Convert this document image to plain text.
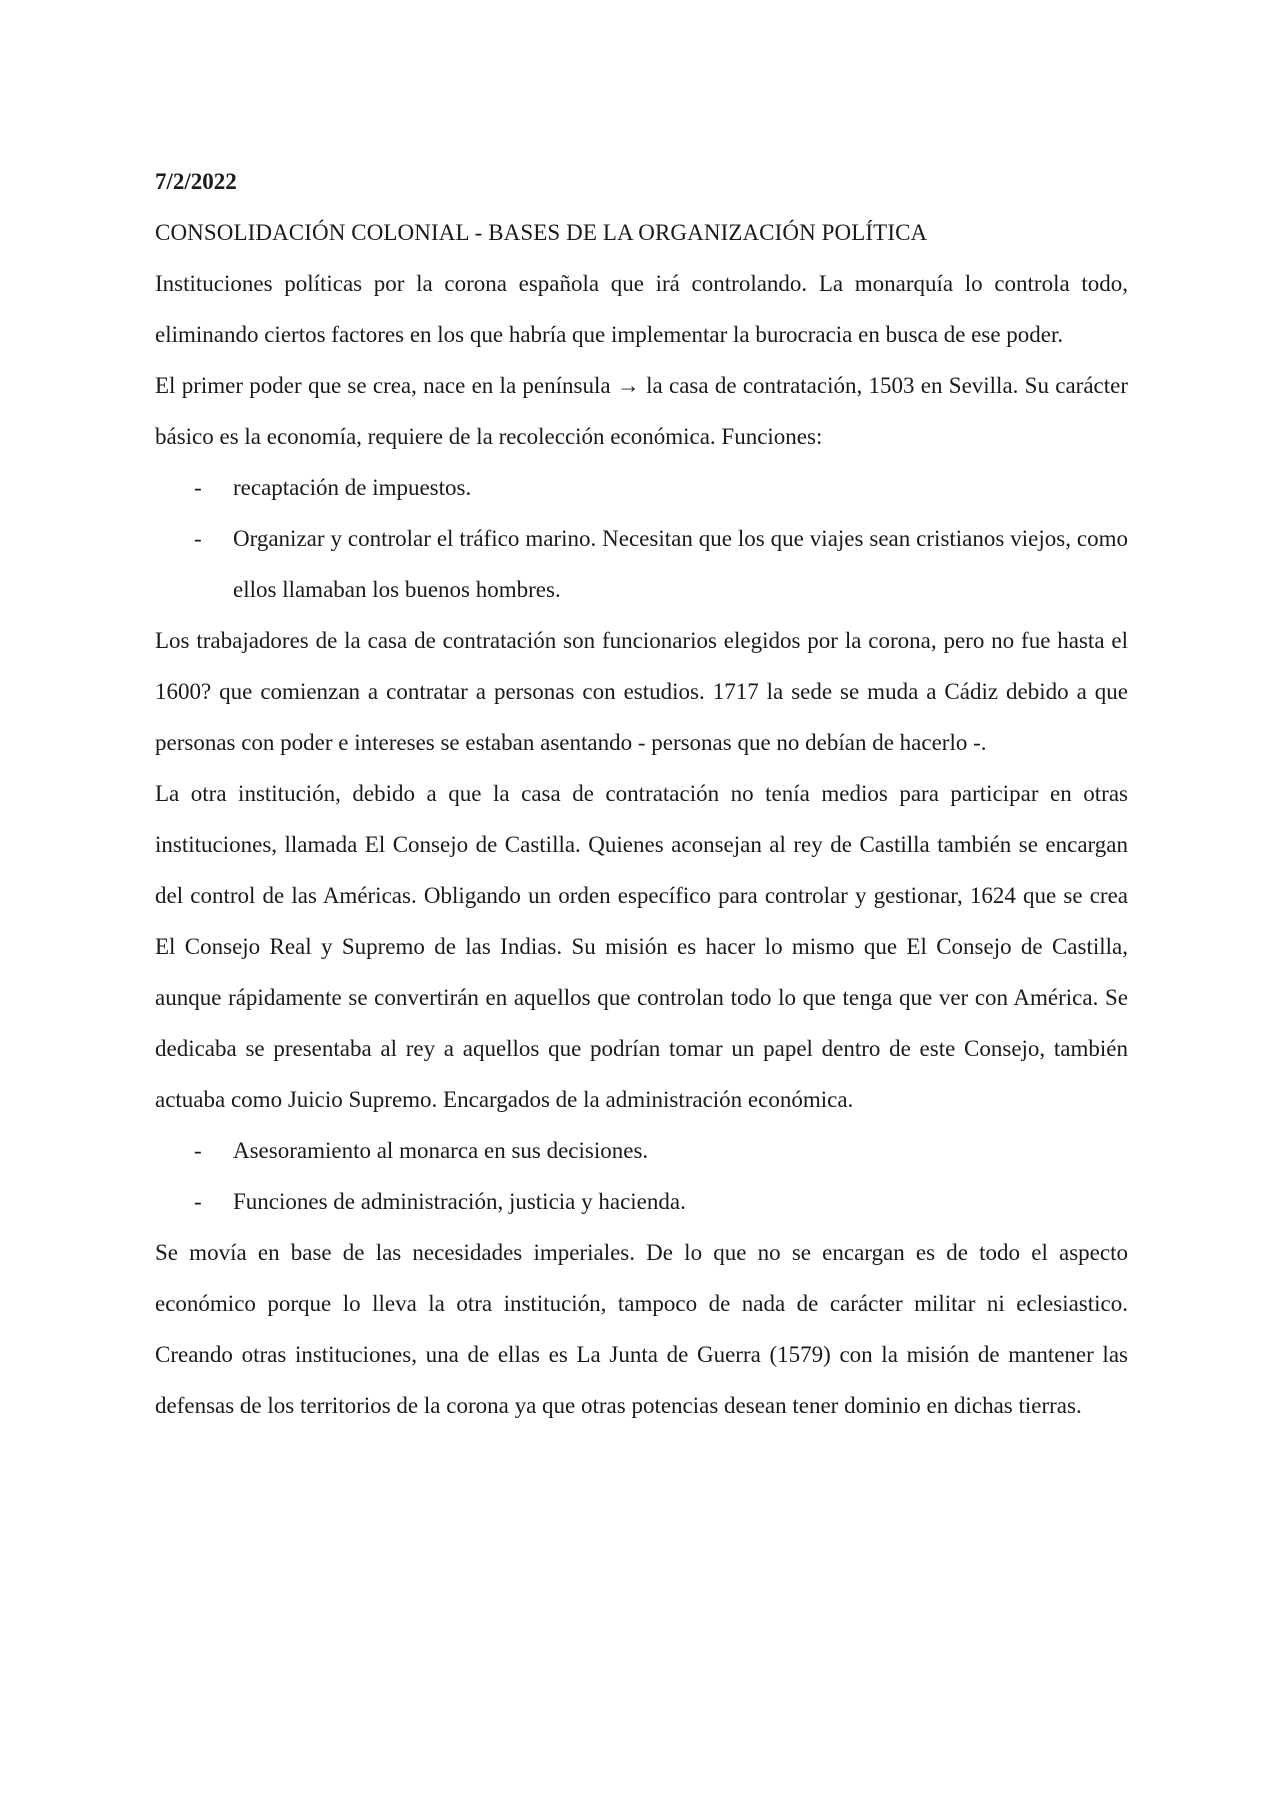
7/2/2022

CONSOLIDACIÓN COLONIAL - BASES DE LA ORGANIZACIÓN POLÍTICA

Instituciones políticas por la corona española que irá controlando. La monarquía lo controla todo, eliminando ciertos factores en los que habría que implementar la burocracia en busca de ese poder.

El primer poder que se crea, nace en la península → la casa de contratación, 1503 en Sevilla. Su carácter básico es la economía, requiere de la recolección económica. Funciones:

- recaptación de impuestos.
- Organizar y controlar el tráfico marino. Necesitan que los que viajes sean cristianos viejos, como ellos llamaban los buenos hombres.

Los trabajadores de la casa de contratación son funcionarios elegidos por la corona, pero no fue hasta el 1600? que comienzan a contratar a personas con estudios. 1717 la sede se muda a Cádiz debido a que personas con poder e intereses se estaban asentando - personas que no debían de hacerlo -.

La otra institución, debido a que la casa de contratación no tenía medios para participar en otras instituciones, llamada El Consejo de Castilla. Quienes aconsejan al rey de Castilla también se encargan del control de las Américas. Obligando un orden específico para controlar y gestionar, 1624 que se crea El Consejo Real y Supremo de las Indias. Su misión es hacer lo mismo que El Consejo de Castilla, aunque rápidamente se convertirán en aquellos que controlan todo lo que tenga que ver con América. Se dedicaba se presentaba al rey a aquellos que podrían tomar un papel dentro de este Consejo, también actuaba como Juicio Supremo. Encargados de la administración económica.

- Asesoramiento al monarca en sus decisiones.
- Funciones de administración, justicia y hacienda.

Se movía en base de las necesidades imperiales. De lo que no se encargan es de todo el aspecto económico porque lo lleva la otra institución, tampoco de nada de carácter militar ni eclesiastico. Creando otras instituciones, una de ellas es La Junta de Guerra (1579) con la misión de mantener las defensas de los territorios de la corona ya que otras potencias desean tener dominio en dichas tierras.
